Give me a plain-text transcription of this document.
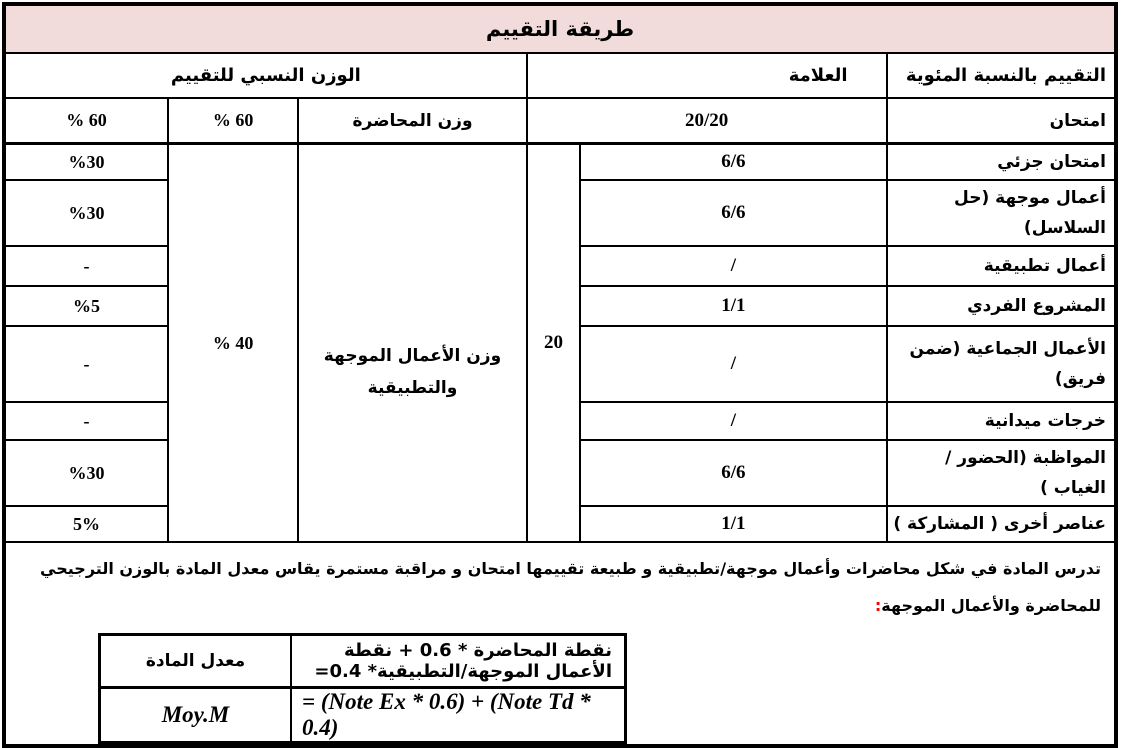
طريقة التقييم
التقييم بالنسبة المئوية	العلامة	الوزن النسبي للتقييم
امتحان	20/20	وزن المحاضرة	% 60	% 60
امتحان جزئي	6/6	20	وزن الأعمال الموجهة والتطبيقية	% 40	%30
أعمال موجهة (حل السلاسل)	6/6	%30
أعمال تطبيقية	/	-
المشروع الفردي	1/1	%5
الأعمال الجماعية (ضمن فريق)	/	-
خرجات ميدانية	/	-
المواظبة (الحضور / الغياب )	6/6	%30
عناصر أخرى ( المشاركة )	1/1	5%

تدرس المادة في شكل محاضرات وأعمال موجهة/تطبيقية و طبيعة تقييمها امتحان و مراقبة مستمرة يقاس معدل المادة بالوزن الترجيحي
للمحاضرة والأعمال الموجهة:
معدل المادة	نقطة المحاضرة * 0.6 + نقطة الأعمال الموجهة/التطبيقية* 0.4=
Moy.M	= (Note Ex * 0.6) + (Note Td * 0.4)
